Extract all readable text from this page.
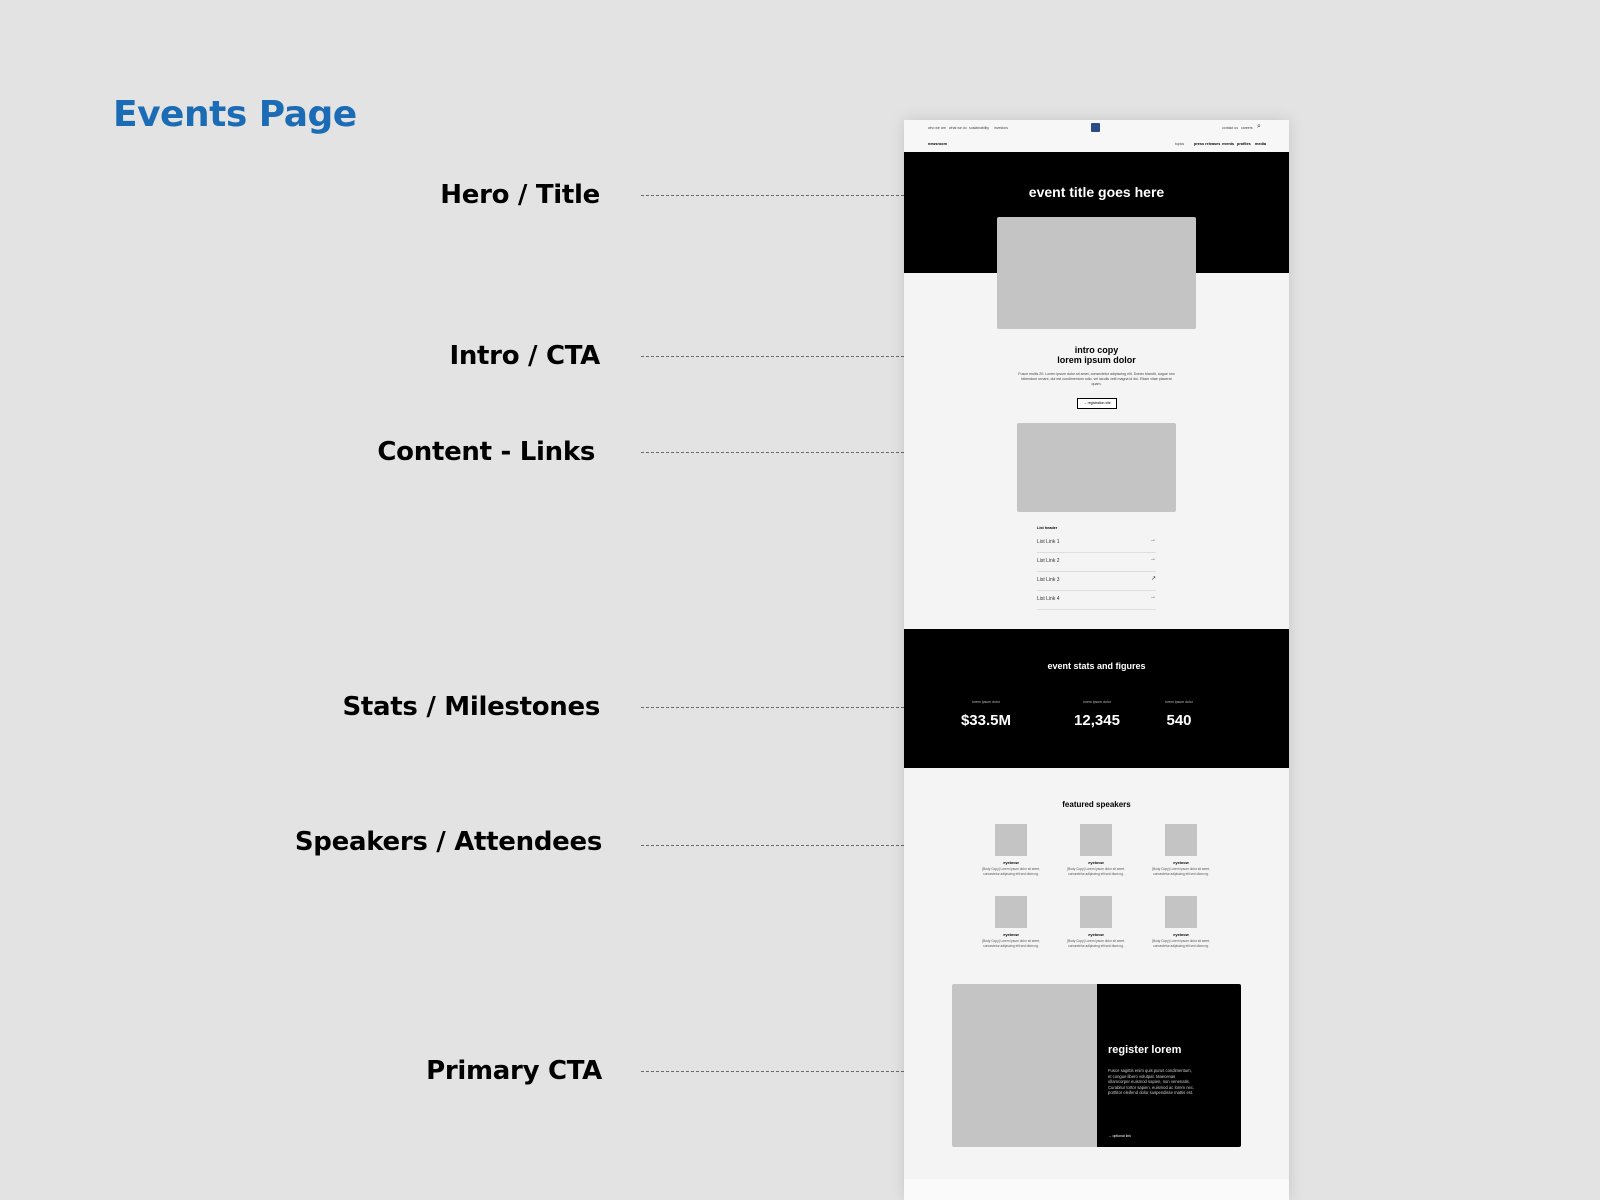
Events Page
Hero / Title
Intro / CTA
Content - Links
Stats / Milestones
Speakers / Attendees
Primary CTA
who we are what we do sustainability investors	contact us careers ⌕
newsroom	topics	press releases events profiles media
event title goes here
intro copy
lorem ipsum dolor
Fusce mollis 20. Lorem ipsum dolor sit amet, consectetur adipiscing elit. Donec blandit, augue non bibendum ornare, dui est condimentum odio, vel iaculis velit magna id dui. Etiam vitae placerat quam.
→ registration site
List header
List Link 1	→
List Link 2	→
List Link 3	↗
List Link 4	→
event stats and figures
lorem ipsum dolor
$33.5M
lorem ipsum dolor
12,345
lorem ipsum dolor
540
featured speakers
eyebrow
[Body Copy] Lorem ipsum dolor sit amet, consectetur adipiscing elit sed diam ng.
eyebrow
[Body Copy] Lorem ipsum dolor sit amet, consectetur adipiscing elit sed diam ng.
eyebrow
[Body Copy] Lorem ipsum dolor sit amet, consectetur adipiscing elit sed diam ng.
eyebrow
[Body Copy] Lorem ipsum dolor sit amet, consectetur adipiscing elit sed diam ng.
eyebrow
[Body Copy] Lorem ipsum dolor sit amet, consectetur adipiscing elit sed diam ng.
eyebrow
[Body Copy] Lorem ipsum dolor sit amet, consectetur adipiscing elit sed diam ng.
register lorem
Fusce sagittis enim quis purus condimentum, et congue libero volutpat. Maecenas ullamcorper euismod sapien, non venenatis. Curabitur tortor sapien, euismod ac lorem nec, porttitor eleifend dolor suspendisse mattis est.
→ optional link
